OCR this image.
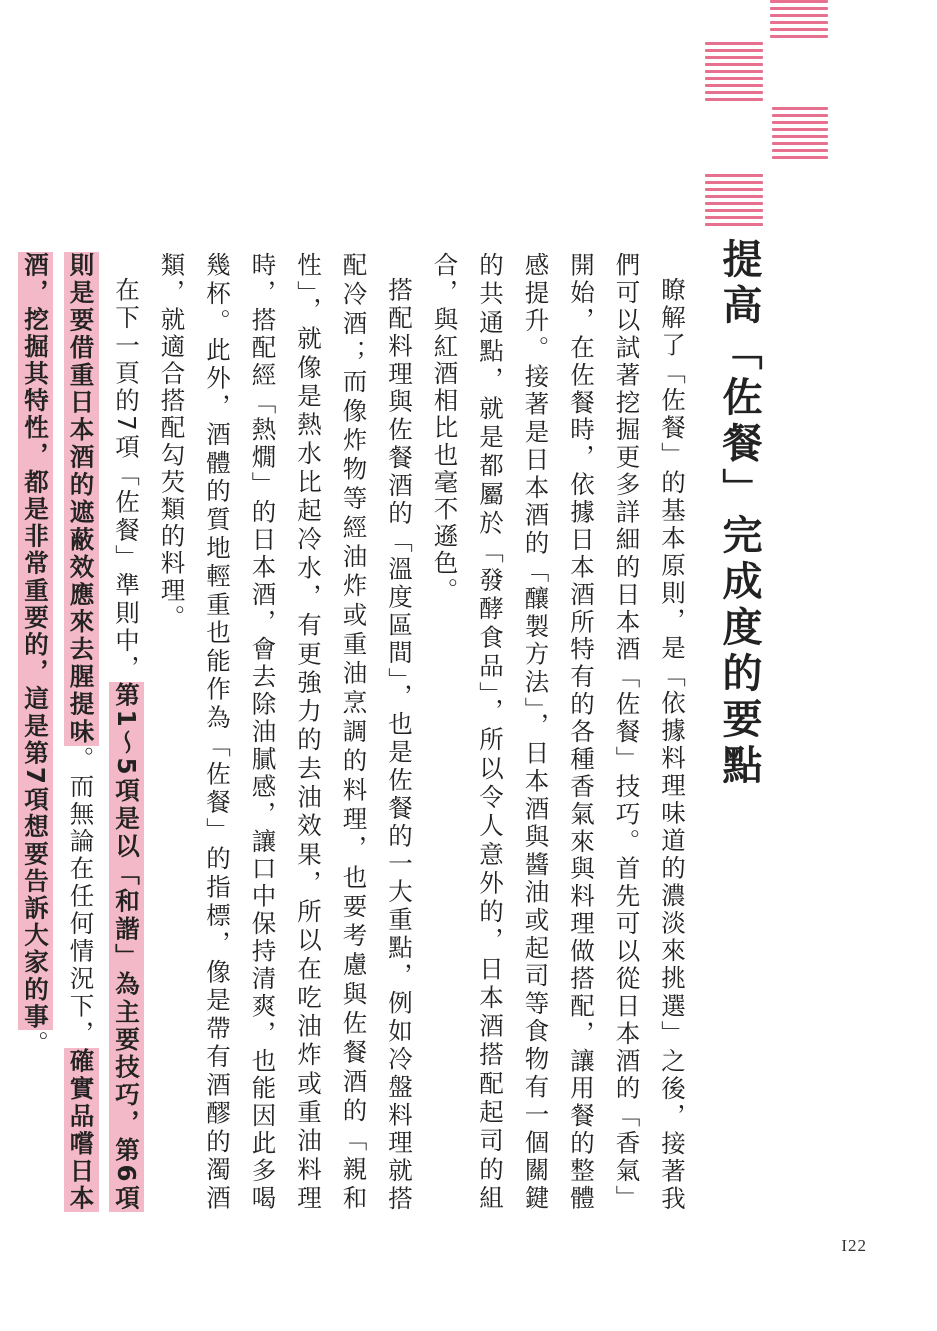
提高「佐餐」完成度的要點

瞭解了「佐餐」的基本原則，是「依據料理味道的濃淡來挑選」之後，接著我們可以試著挖掘更多詳細的日本酒「佐餐」技巧。首先可以從日本酒的「香氣」開始，在佐餐時，依據日本酒所特有的各種香氣來與料理做搭配，讓用餐的整體感提升。接著是日本酒的「釀製方法」，日本酒與醬油或起司等食物有一個關鍵的共通點，就是都屬於「發酵食品」，所以令人意外的，日本酒搭配起司的組合，與紅酒相比也毫不遜色。

搭配料理與佐餐酒的「溫度區間」，也是佐餐的一大重點，例如冷盤料理就搭配冷酒；而像炸物等經油炸或重油烹調的料理，也要考慮與佐餐酒的「親和性」，就像是熱水比起冷水，有更強力的去油效果，所以在吃油炸或重油料理時，搭配經「熱燗」的日本酒，會去除油膩感，讓口中保持清爽，也能因此多喝幾杯。此外，酒體的質地輕重也能作為「佐餐」的指標，像是帶有酒醪的濁酒類，就適合搭配勾芡類的料理。

在下一頁的7項「佐餐」準則中，第1～5項是以「和諧」為主要技巧，第6項則是要借重日本酒的遮蔽效應來去腥提味。而無論在任何情況下，確實品嚐日本酒，挖掘其特性，都是非常重要的，這是第7項想要告訴大家的事。

I22
